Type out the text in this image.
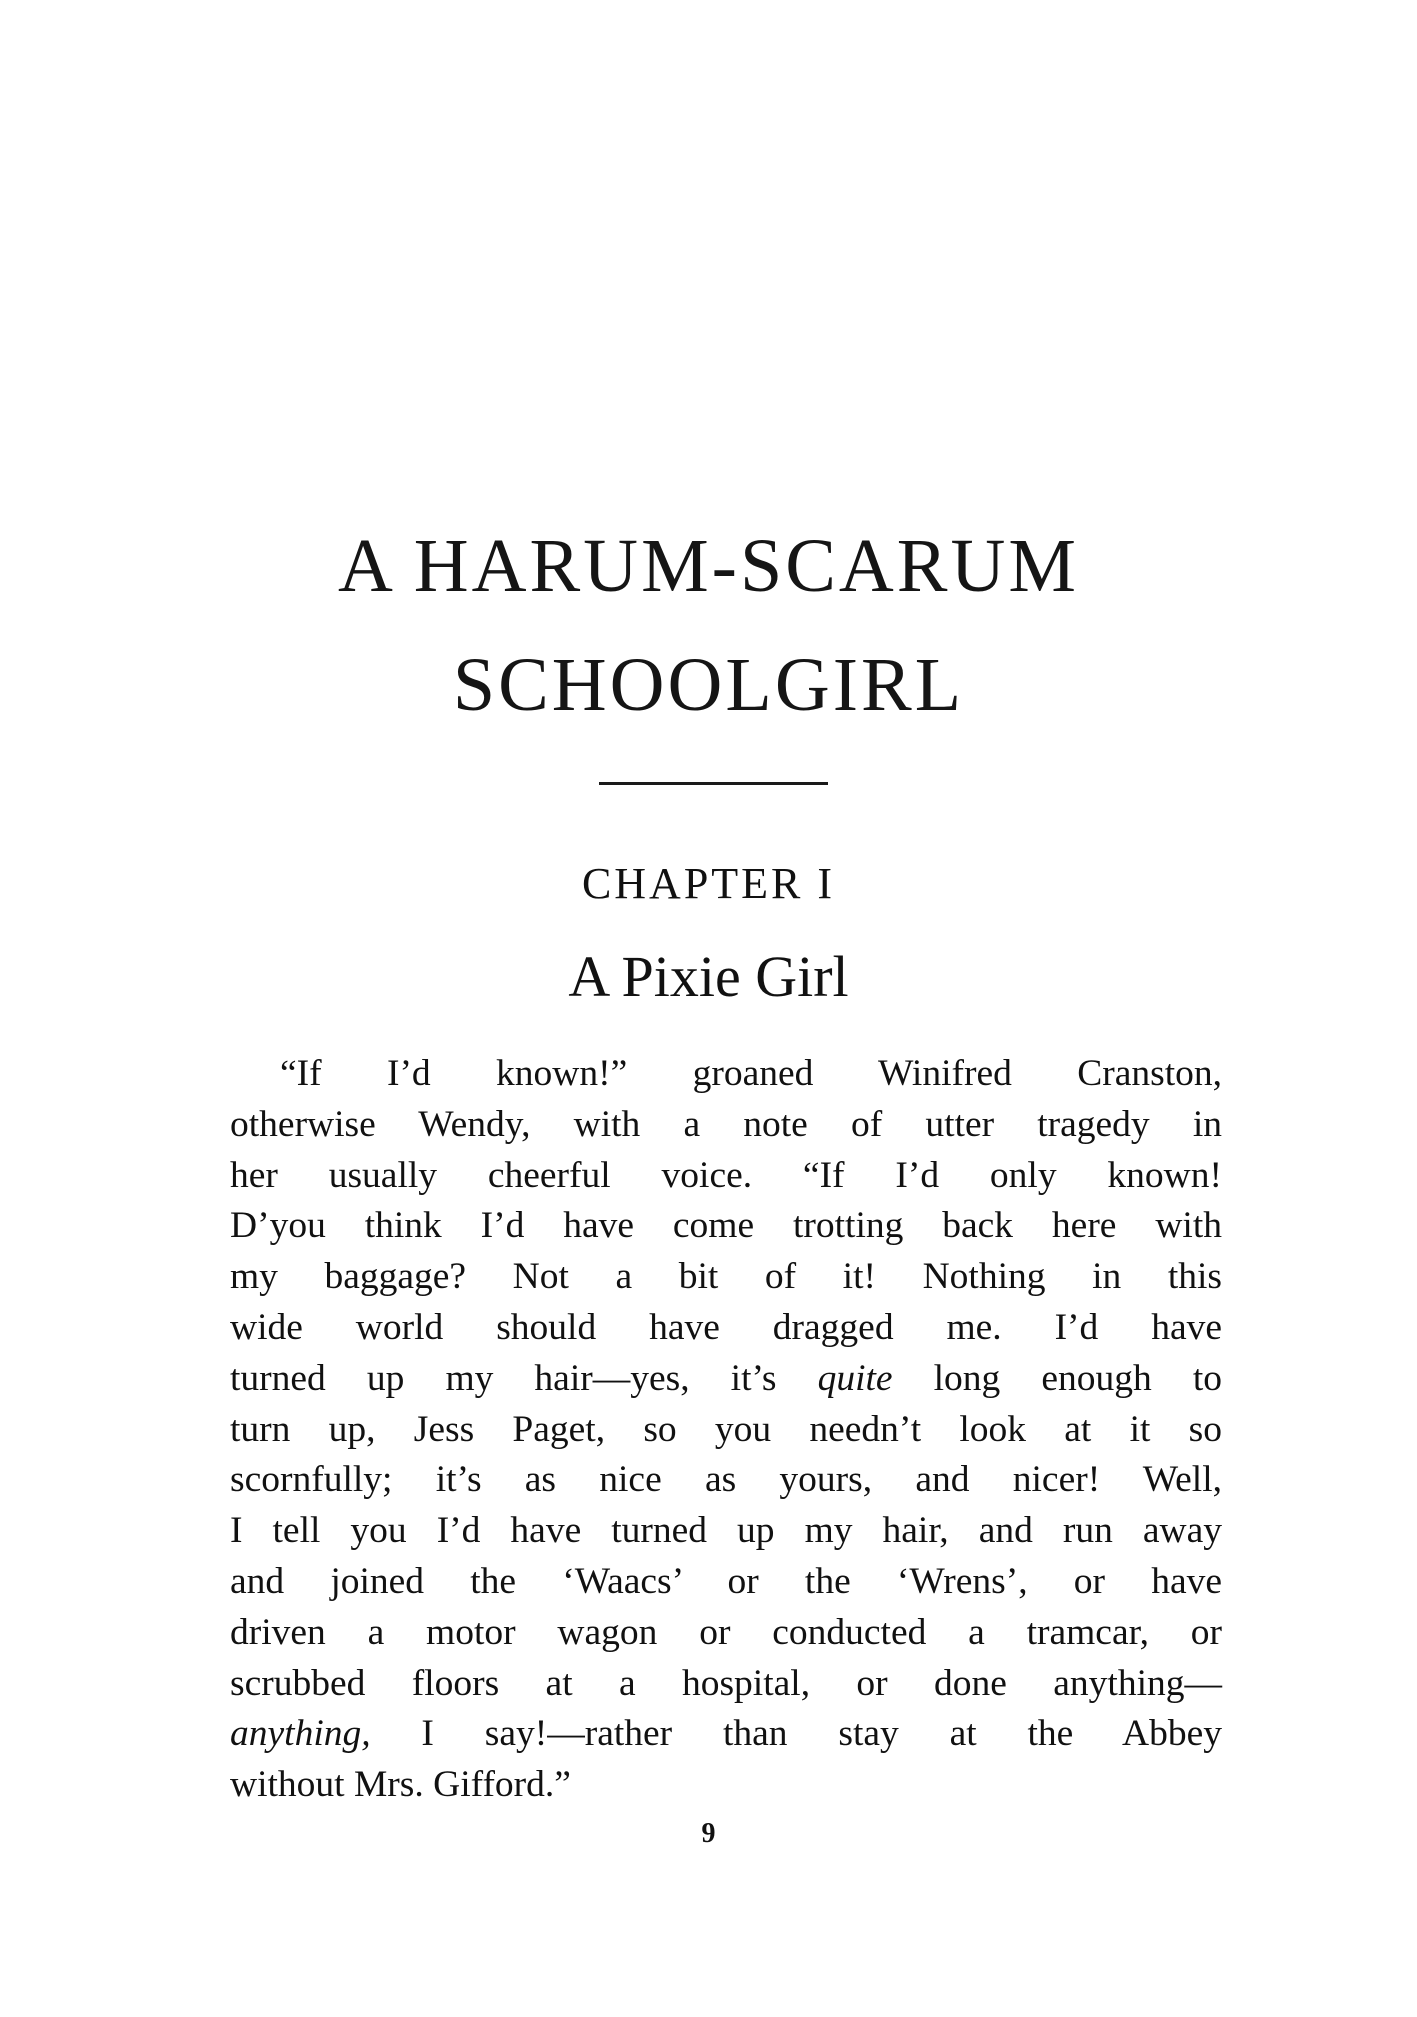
A HARUM-SCARUM
SCHOOLGIRL
CHAPTER I
A Pixie Girl
“If I’d known!” groaned Winifred Cranston,
otherwise Wendy, with a note of utter tragedy in
her usually cheerful voice. “If I’d only known!
D’you think I’d have come trotting back here with
my baggage? Not a bit of it! Nothing in this
wide world should have dragged me. I’d have
turned up my hair—yes, it’s quite long enough to
turn up, Jess Paget, so you needn’t look at it so
scornfully; it’s as nice as yours, and nicer! Well,
I tell you I’d have turned up my hair, and run away
and joined the ‘Waacs’ or the ‘Wrens’, or have
driven a motor wagon or conducted a tramcar, or
scrubbed floors at a hospital, or done anything—
anything, I say!—rather than stay at the Abbey
without Mrs. Gifford.”
9
